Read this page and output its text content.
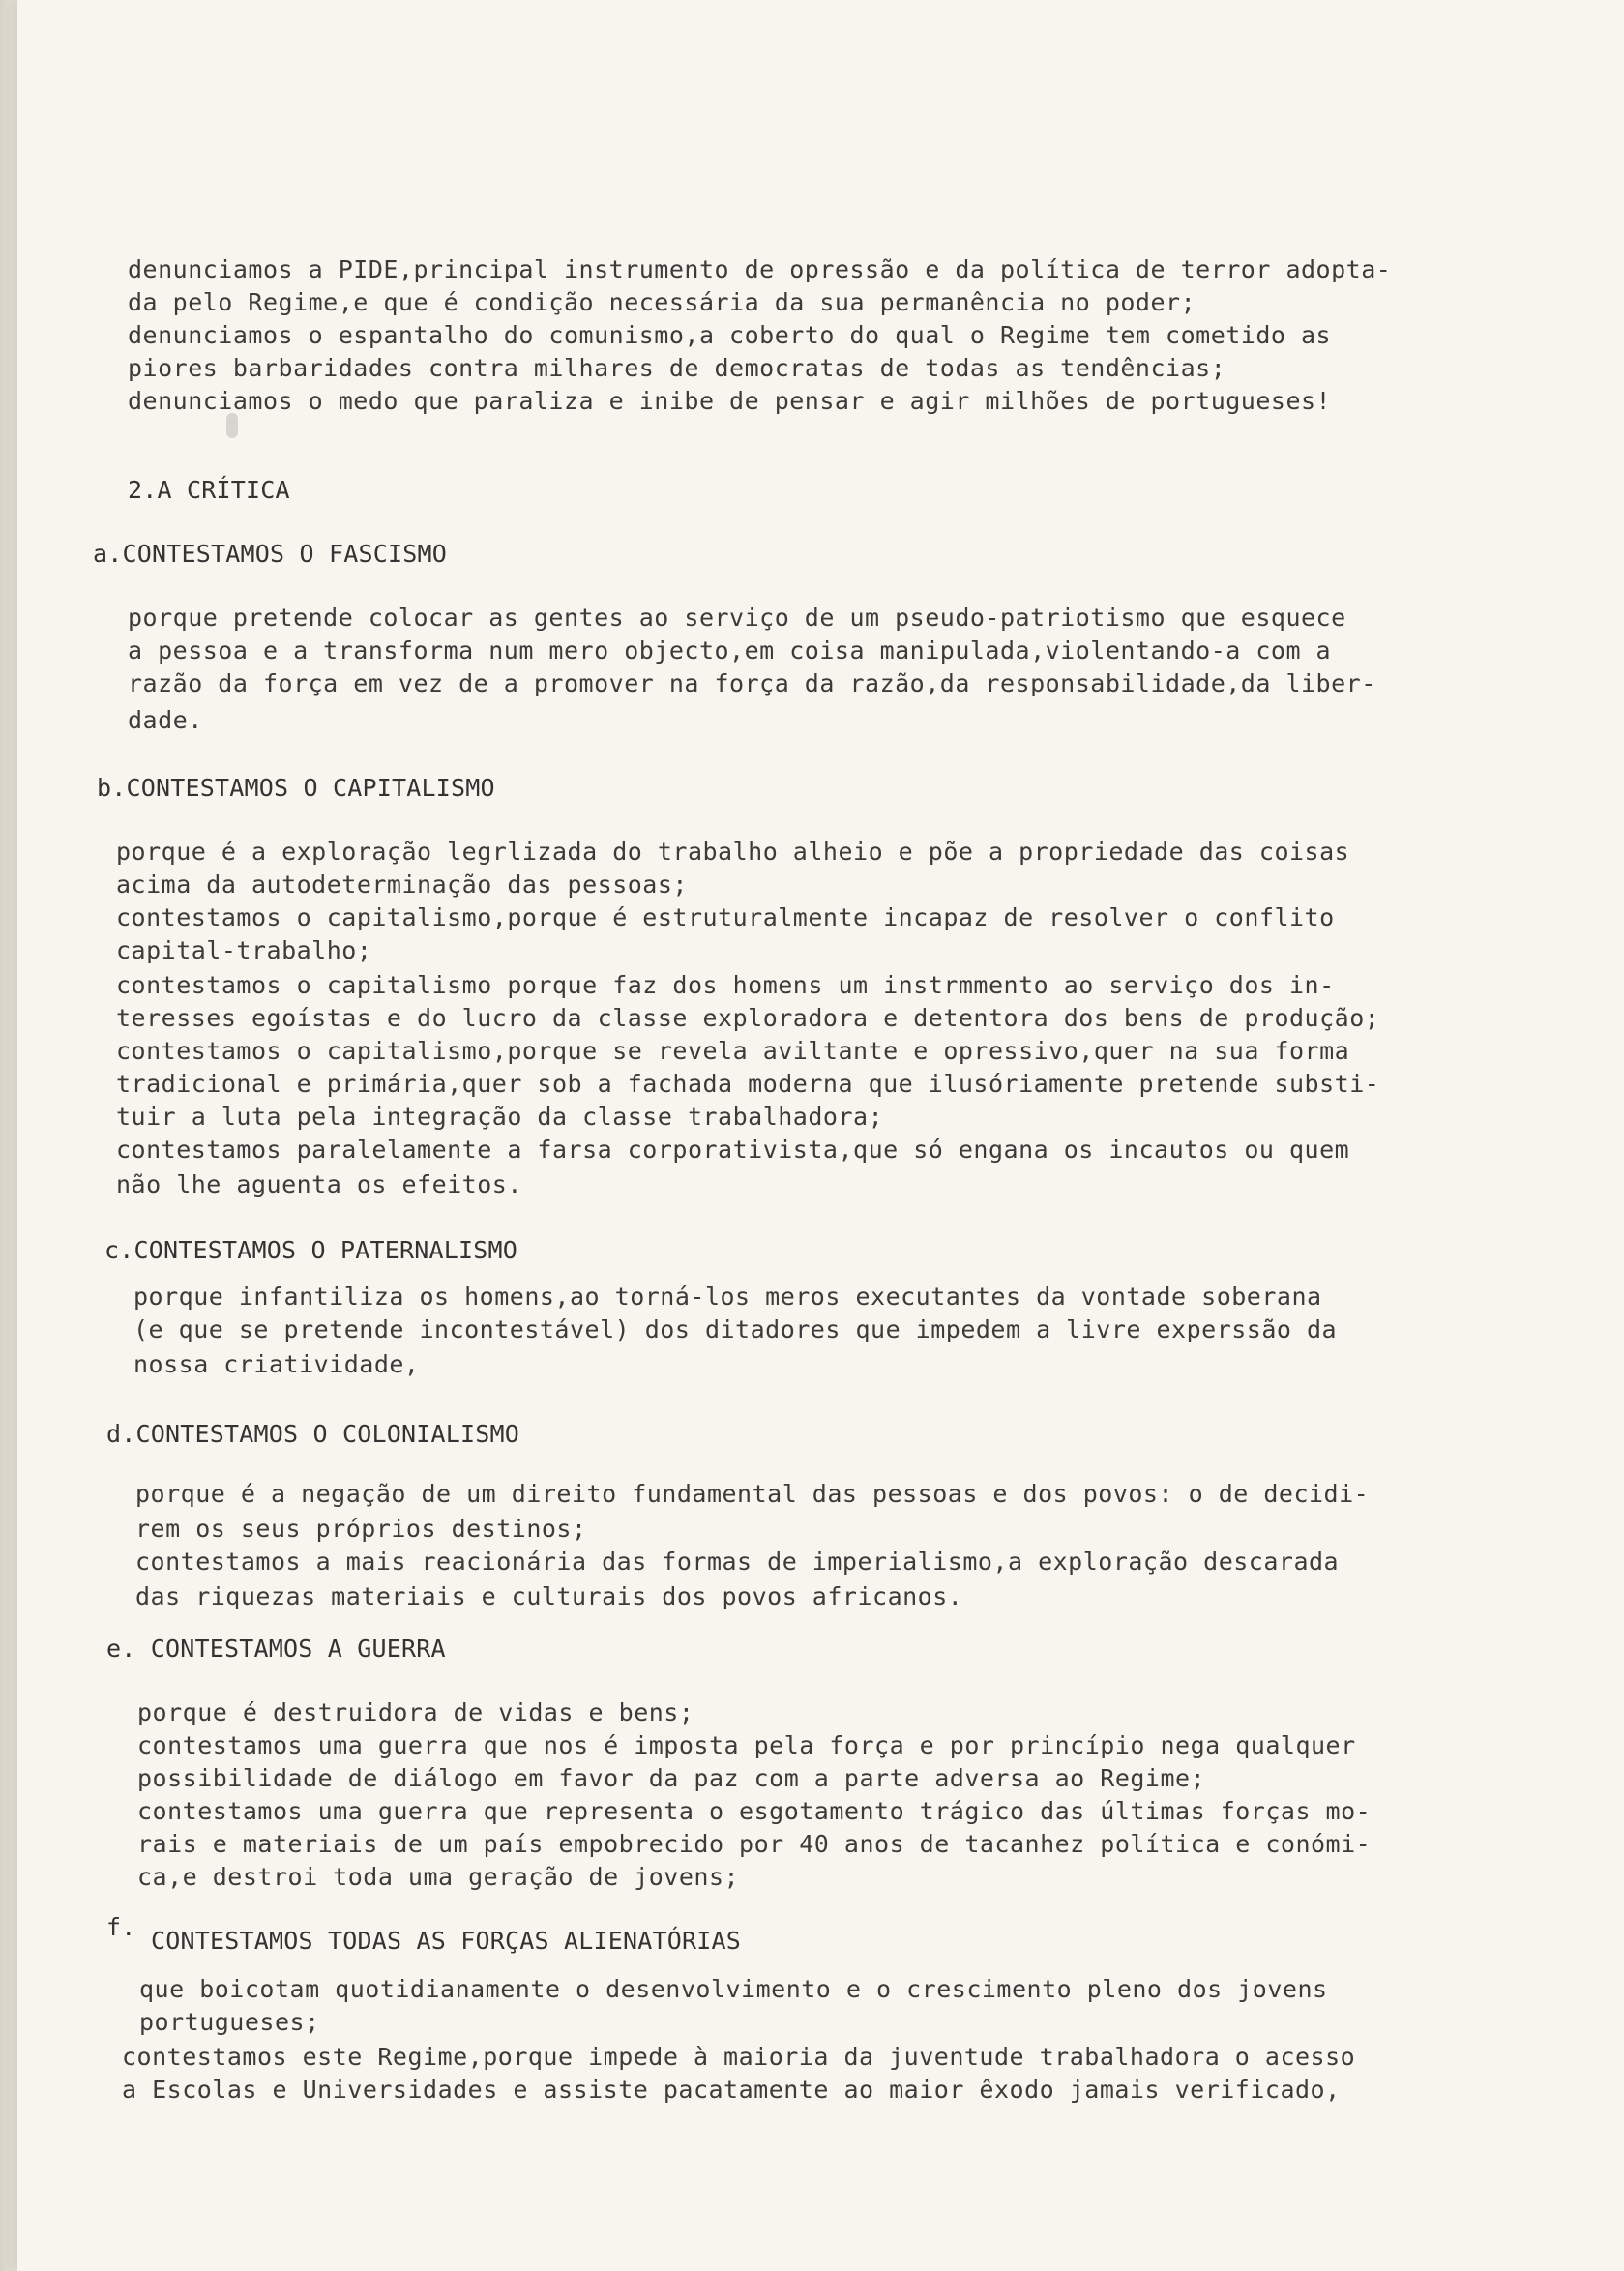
denunciamos a PIDE,principal instrumento de opressão e da política de terror adopta-
da pelo Regime,e que é condição necessária da sua permanência no poder;
denunciamos o espantalho do comunismo,a coberto do qual o Regime tem cometido as
piores barbaridades contra milhares de democratas de todas as tendências;
denunciamos o medo que paraliza e inibe de pensar e agir milhões de portugueses!
2.A CRÍTICA
a.CONTESTAMOS O FASCISMO
porque pretende colocar as gentes ao serviço de um pseudo-patriotismo que esquece
a pessoa e a transforma num mero objecto,em coisa manipulada,violentando-a com a
razão da força em vez de a promover na força da razão,da responsabilidade,da liber-
dade.
b.CONTESTAMOS O CAPITALISMO
porque é a exploração legrlizada do trabalho alheio e põe a propriedade das coisas
acima da autodeterminação das pessoas;
contestamos o capitalismo,porque é estruturalmente incapaz de resolver o conflito
capital-trabalho;
contestamos o capitalismo porque faz dos homens um instrmmento ao serviço dos in-
teresses egoístas e do lucro da classe exploradora e detentora dos bens de produção;
contestamos o capitalismo,porque se revela aviltante e opressivo,quer na sua forma
tradicional e primária,quer sob a fachada moderna que ilusóriamente pretende substi-
tuir a luta pela integração da classe trabalhadora;
contestamos paralelamente a farsa corporativista,que só engana os incautos ou quem
não lhe aguenta os efeitos.
c.CONTESTAMOS O PATERNALISMO
porque infantiliza os homens,ao torná-los meros executantes da vontade soberana
(e que se pretende incontestável) dos ditadores que impedem a livre experssão da
nossa criatividade,
d.CONTESTAMOS O COLONIALISMO
porque é a negação de um direito fundamental das pessoas e dos povos: o de decidi-
rem os seus próprios destinos;
contestamos a mais reacionária das formas de imperialismo,a exploração descarada
das riquezas materiais e culturais dos povos africanos.
e. CONTESTAMOS A GUERRA
porque é destruidora de vidas e bens;
contestamos uma guerra que nos é imposta pela força e por princípio nega qualquer
possibilidade de diálogo em favor da paz com a parte adversa ao Regime;
contestamos uma guerra que representa o esgotamento trágico das últimas forças mo-
rais e materiais de um país empobrecido por 40 anos de tacanhez política e conómi-
ca,e destroi toda uma geração de jovens;
f. CONTESTAMOS TODAS AS FORÇAS ALIENATÓRIAS
que boicotam quotidianamente o desenvolvimento e o crescimento pleno dos jovens
portugueses;
contestamos este Regime,porque impede à maioria da juventude trabalhadora o acesso
a Escolas e Universidades e assiste pacatamente ao maior êxodo jamais verificado,
